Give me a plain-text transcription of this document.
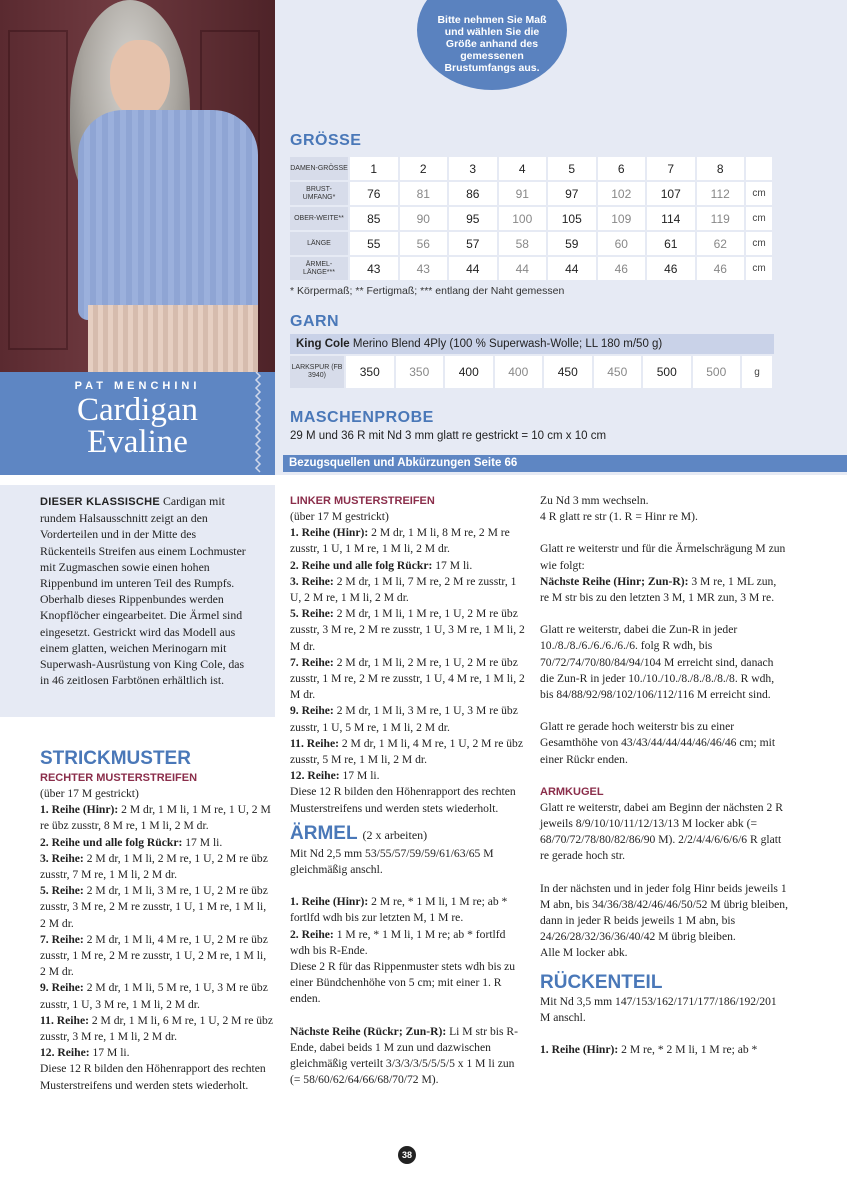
PAT MENCHINI
Cardigan
Evaline
Bitte nehmen Sie Maß und wählen Sie die Größe anhand des gemessenen Brustumfangs aus.
GRÖSSE
DAMEN-GRÖSSE	1	2	3	4	5	6	7	8	
BRUST-UMFANG*	76	81	86	91	97	102	107	112	cm
OBER-WEITE**	85	90	95	100	105	109	114	119	cm
LÄNGE	55	56	57	58	59	60	61	62	cm
ÄRMEL-LÄNGE***	43	43	44	44	44	46	46	46	cm
* Körpermaß; ** Fertigmaß; *** entlang der Naht gemessen
GARN
King Cole Merino Blend 4Ply (100 % Superwash-Wolle; LL 180 m/50 g)
LARKSPUR (FB 3940)	350	350	400	400	450	450	500	500	g
MASCHENPROBE
29 M und 36 R mit Nd 3 mm glatt re gestrickt = 10 cm x 10 cm
Bezugsquellen und Abkürzungen Seite 66
DIESER KLASSISCHE Cardigan mit rundem Halsausschnitt zeigt an den Vorderteilen und in der Mitte des Rückenteils Streifen aus einem Lochmuster mit Zugmaschen sowie einen hohen Rippenbund im unteren Teil des Rumpfs. Oberhalb dieses Rippenbundes werden Knopflöcher eingearbeitet. Die Ärmel sind eingesetzt. Gestrickt wird das Modell aus einem glatten, weichen Merinogarn mit Superwash-Ausrüstung von King Cole, das in 46 zeitlosen Farbtönen erhältlich ist.
STRICKMUSTER
RECHTER MUSTERSTREIFEN

(über 17 M gestrickt)

1. Reihe (Hinr): 2 M dr, 1 M li, 1 M re, 1 U, 2 M re übz zusstr, 8 M re, 1 M li, 2 M dr.

2. Reihe und alle folg Rückr: 17 M li.

3. Reihe: 2 M dr, 1 M li, 2 M re, 1 U, 2 M re übz zusstr, 7 M re, 1 M li, 2 M dr.

5. Reihe: 2 M dr, 1 M li, 3 M re, 1 U, 2 M re übz zusstr, 3 M re, 2 M re zusstr, 1 U, 1 M re, 1 M li, 2 M dr.

7. Reihe: 2 M dr, 1 M li, 4 M re, 1 U, 2 M re übz zusstr, 1 M re, 2 M re zusstr, 1 U, 2 M re, 1 M li, 2 M dr.

9. Reihe: 2 M dr, 1 M li, 5 M re, 1 U, 3 M re übz zusstr, 1 U, 3 M re, 1 M li, 2 M dr.

11. Reihe: 2 M dr, 1 M li, 6 M re, 1 U, 2 M re übz zusstr, 3 M re, 1 M li, 2 M dr.

12. Reihe: 17 M li.

Diese 12 R bilden den Höhenrapport des rechten Musterstreifens und werden stets wiederholt.

LINKER MUSTERSTREIFEN

(über 17 M gestrickt)

1. Reihe (Hinr): 2 M dr, 1 M li, 8 M re, 2 M re zusstr, 1 U, 1 M re, 1 M li, 2 M dr.

2. Reihe und alle folg Rückr: 17 M li.

3. Reihe: 2 M dr, 1 M li, 7 M re, 2 M re zusstr, 1 U, 2 M re, 1 M li, 2 M dr.

5. Reihe: 2 M dr, 1 M li, 1 M re, 1 U, 2 M re übz zusstr, 3 M re, 2 M re zusstr, 1 U, 3 M re, 1 M li, 2 M dr.

7. Reihe: 2 M dr, 1 M li, 2 M re, 1 U, 2 M re übz zusstr, 1 M re, 2 M re zusstr, 1 U, 4 M re, 1 M li, 2 M dr.

9. Reihe: 2 M dr, 1 M li, 3 M re, 1 U, 3 M re übz zusstr, 1 U, 5 M re, 1 M li, 2 M dr.

11. Reihe: 2 M dr, 1 M li, 4 M re, 1 U, 2 M re übz zusstr, 5 M re, 1 M li, 2 M dr.

12. Reihe: 17 M li.

Diese 12 R bilden den Höhenrapport des rechten Musterstreifens und werden stets wiederholt.

ÄRMEL (2 x arbeiten)

Mit Nd 2,5 mm 53/55/57/59/59/61/63/65 M gleichmäßig anschl.

1. Reihe (Hinr): 2 M re, * 1 M li, 1 M re; ab * fortlfd wdh bis zur letzten M, 1 M re.

2. Reihe: 1 M re, * 1 M li, 1 M re; ab * fortlfd wdh bis R-Ende.

Diese 2 R für das Rippenmuster stets wdh bis zu einer Bündchenhöhe von 5 cm; mit einer 1. R enden.

Nächste Reihe (Rückr; Zun-R): Li M str bis R-Ende, dabei beids 1 M zun und dazwischen gleichmäßig verteilt 3/3/3/3/5/5/5/5 x 1 M li zun (= 58/60/62/64/66/68/70/72 M).

Zu Nd 3 mm wechseln.

4 R glatt re str (1. R = Hinr re M).

Glatt re weiterstr und für die Ärmelschrägung M zun wie folgt:

Nächste Reihe (Hinr; Zun-R): 3 M re, 1 ML zun, re M str bis zu den letzten 3 M, 1 MR zun, 3 M re.

Glatt re weiterstr, dabei die Zun-R in jeder 10./8./8./6./6./6./6./6. folg R wdh, bis 70/72/74/70/80/84/94/104 M erreicht sind, danach die Zun-R in jeder 10./10./10./8./8./8./8./8. R wdh, bis 84/88/92/98/102/106/112/116 M erreicht sind.

Glatt re gerade hoch weiterstr bis zu einer Gesamthöhe von 43/43/44/44/44/46/46/46 cm; mit einer Rückr enden.

ARMKUGEL

Glatt re weiterstr, dabei am Beginn der nächsten 2 R jeweils 8/9/10/10/11/12/13/13 M locker abk (= 68/70/72/78/80/82/86/90 M). 2/2/4/4/6/6/6/6 R glatt re gerade hoch str.

In der nächsten und in jeder folg Hinr beids jeweils 1 M abn, bis 34/36/38/42/46/46/50/52 M übrig bleiben, dann in jeder R beids jeweils 1 M abn, bis 24/26/28/32/36/36/40/42 M übrig bleiben.

Alle M locker abk.

RÜCKENTEIL

Mit Nd 3,5 mm 147/153/162/171/177/186/192/201 M anschl.

1. Reihe (Hinr): 2 M re, * 2 M li, 1 M re; ab *

38
